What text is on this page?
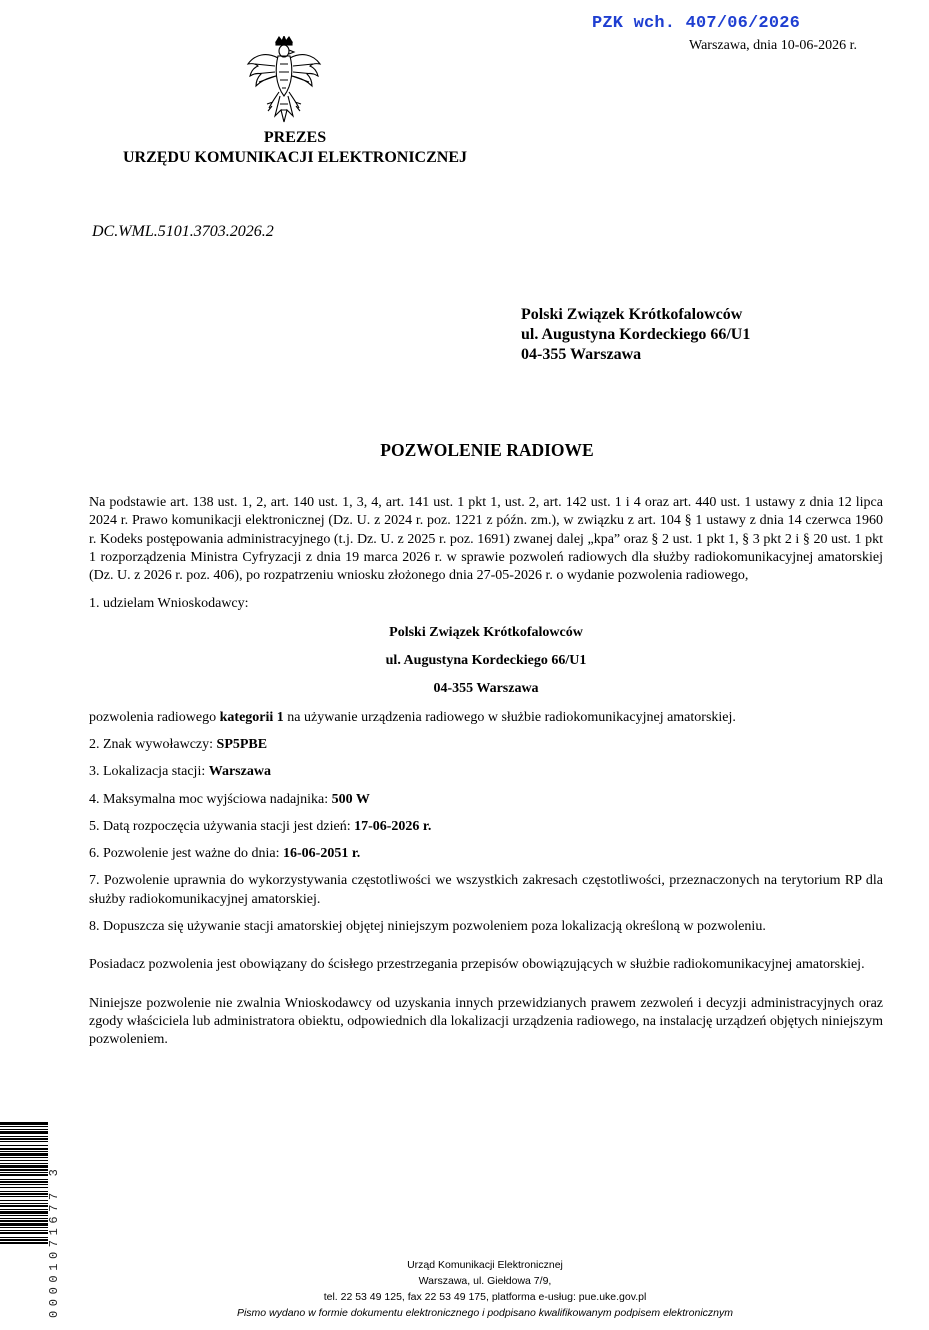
PZK wch. 407/06/2026
Warszawa, dnia 10-06-2026 r.
PREZES
URZĘDU KOMUNIKACJI ELEKTRONICZNEJ
DC.WML.5101.3703.2026.2
Polski Związek Krótkofalowców
ul. Augustyna Kordeckiego 66/U1
04-355 Warszawa
POZWOLENIE RADIOWE

Na podstawie art. 138 ust. 1, 2, art. 140 ust. 1, 3, 4, art. 141 ust. 1 pkt 1, ust. 2, art. 142 ust. 1 i 4 oraz art. 440 ust. 1 ustawy z dnia 12 lipca 2024 r. Prawo komunikacji elektronicznej (Dz. U. z 2024 r. poz. 1221 z późn. zm.), w związku z art. 104 § 1 ustawy z dnia 14 czerwca 1960 r. Kodeks postępowania administracyjnego (t.j. Dz. U. z 2025 r. poz. 1691) zwanej dalej „kpa” oraz § 2 ust. 1 pkt 1, § 3 pkt 2 i § 20 ust. 1 pkt 1 rozporządzenia Ministra Cyfryzacji z dnia 19 marca 2026 r. w sprawie pozwoleń radiowych dla służby radiokomunikacyjnej amatorskiej (Dz. U. z 2026 r. poz. 406), po rozpatrzeniu wniosku złożonego dnia 27-05-2026 r. o wydanie pozwolenia radiowego,

1. udzielam Wnioskodawcy:

Polski Związek Krótkofalowców

ul. Augustyna Kordeckiego 66/U1

04-355 Warszawa

pozwolenia radiowego kategorii 1 na używanie urządzenia radiowego w służbie radiokomunikacyjnej amatorskiej.

2. Znak wywoławczy: SP5PBE

3. Lokalizacja stacji: Warszawa

4. Maksymalna moc wyjściowa nadajnika: 500 W

5. Datą rozpoczęcia używania stacji jest dzień: 17-06-2026 r.

6. Pozwolenie jest ważne do dnia: 16-06-2051 r.

7. Pozwolenie uprawnia do wykorzystywania częstotliwości we wszystkich zakresach częstotliwości, przeznaczonych na terytorium RP dla służby radiokomunikacyjnej amatorskiej.

8. Dopuszcza się używanie stacji amatorskiej objętej niniejszym pozwoleniem poza lokalizacją określoną w pozwoleniu.

Posiadacz pozwolenia jest obowiązany do ścisłego przestrzegania przepisów obowiązujących w służbie radiokomunikacyjnej amatorskiej.

Niniejsze pozwolenie nie zwalnia Wnioskodawcy od uzyskania innych przewidzianych prawem zezwoleń i decyzji administracyjnych oraz zgody właściciela lub administratora obiektu, odpowiednich dla lokalizacji urządzenia radiowego, na instalację urządzeń objętych niniejszym pozwoleniem.

00001071677 3	Urząd Komunikacji Elektronicznej
Warszawa, ul. Giełdowa 7/9,
tel. 22 53 49 125, fax 22 53 49 175, platforma e-usług: pue.uke.gov.pl
Pismo wydano w formie dokumentu elektronicznego i podpisano kwalifikowanym podpisem elektronicznym
